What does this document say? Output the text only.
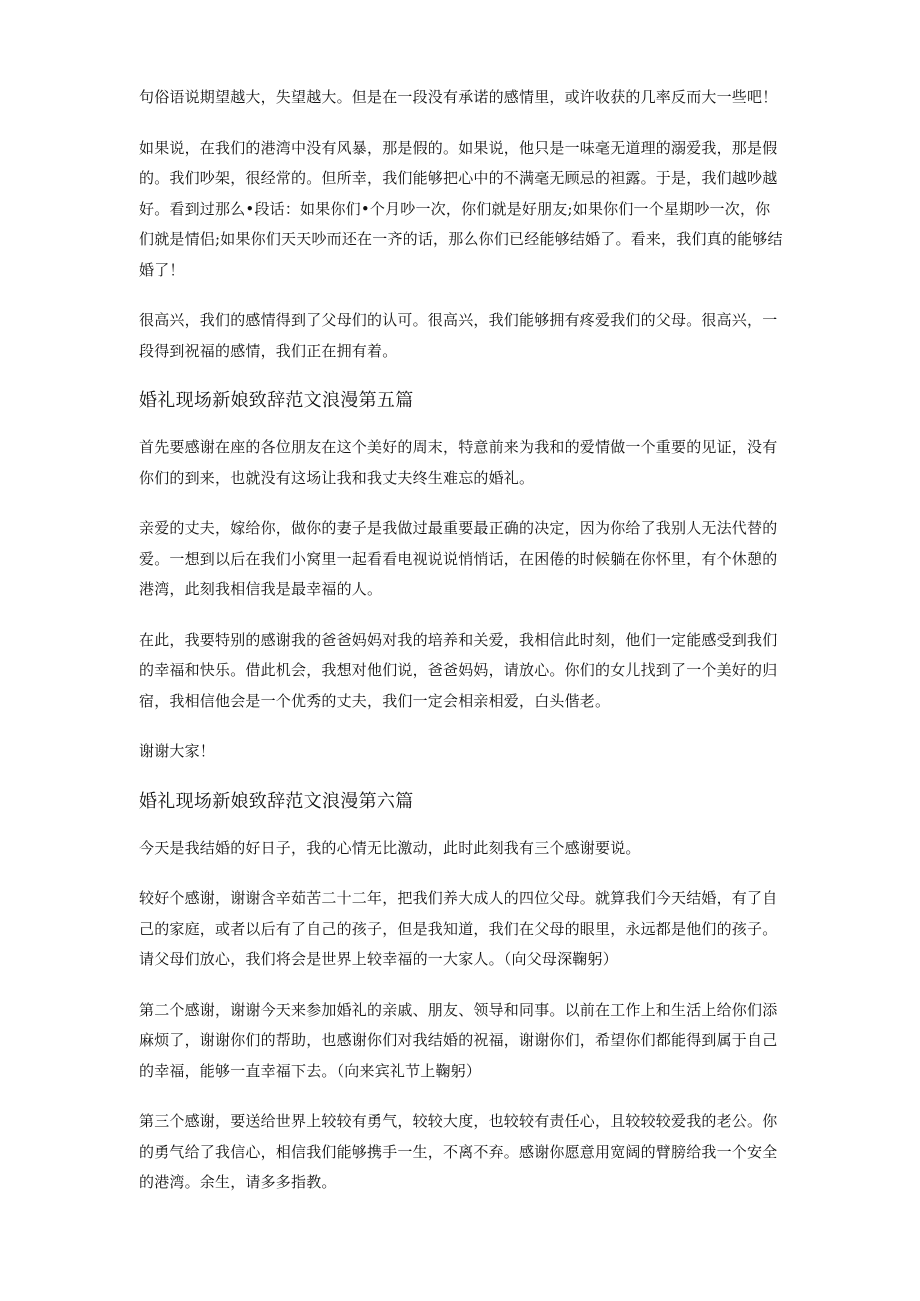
句俗语说期望越大，失望越大。但是在一段没有承诺的感情里，或许收获的几率反而大一些吧！

如果说，在我们的港湾中没有风暴，那是假的。如果说，他只是一味毫无道理的溺爱我，那是假的。我们吵架，很经常的。但所幸，我们能够把心中的不满毫无顾忌的袒露。于是，我们越吵越好。看到过那么•段话：如果你们•个月吵一次，你们就是好朋友;如果你们一个星期吵一次，你们就是情侣;如果你们天天吵而还在一齐的话，那么你们已经能够结婚了。看来，我们真的能够结婚了！

很高兴，我们的感情得到了父母们的认可。很高兴，我们能够拥有疼爱我们的父母。很高兴，一段得到祝福的感情，我们正在拥有着。

婚礼现场新娘致辞范文浪漫第五篇

首先要感谢在座的各位朋友在这个美好的周末，特意前来为我和的爱情做一个重要的见证，没有你们的到来，也就没有这场让我和我丈夫终生难忘的婚礼。

亲爱的丈夫，嫁给你，做你的妻子是我做过最重要最正确的决定，因为你给了我别人无法代替的爱。一想到以后在我们小窝里一起看看电视说说悄悄话，在困倦的时候躺在你怀里，有个休憩的港湾，此刻我相信我是最幸福的人。

在此，我要特别的感谢我的爸爸妈妈对我的培养和关爱，我相信此时刻，他们一定能感受到我们的幸福和快乐。借此机会，我想对他们说，爸爸妈妈，请放心。你们的女儿找到了一个美好的归宿，我相信他会是一个优秀的丈夫，我们一定会相亲相爱，白头偕老。

谢谢大家！

婚礼现场新娘致辞范文浪漫第六篇

今天是我结婚的好日子，我的心情无比激动，此时此刻我有三个感谢要说。

较好个感谢，谢谢含辛茹苦二十二年，把我们养大成人的四位父母。就算我们今天结婚，有了自己的家庭，或者以后有了自己的孩子，但是我知道，我们在父母的眼里，永远都是他们的孩子。请父母们放心，我们将会是世界上较幸福的一大家人。（向父母深鞠躬）

第二个感谢，谢谢今天来参加婚礼的亲戚、朋友、领导和同事。以前在工作上和生活上给你们添麻烦了，谢谢你们的帮助，也感谢你们对我结婚的祝福，谢谢你们，希望你们都能得到属于自己的幸福，能够一直幸福下去。（向来宾礼节上鞠躬）

第三个感谢，要送给世界上较较有勇气，较较大度，也较较有责任心，且较较较爱我的老公。你的勇气给了我信心，相信我们能够携手一生，不离不弃。感谢你愿意用宽阔的臂膀给我一个安全的港湾。余生，请多多指教。
